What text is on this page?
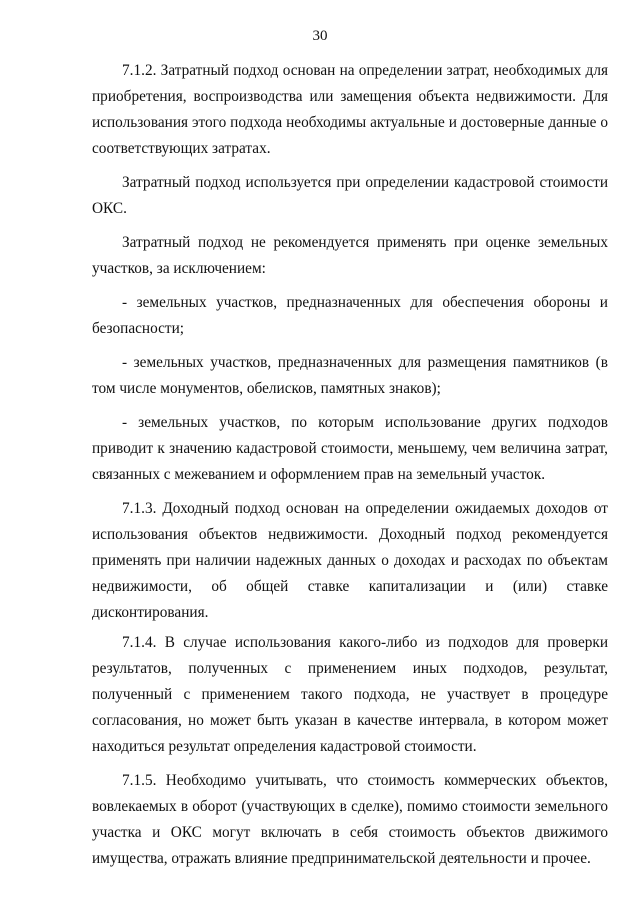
30

7.1.2. Затратный подход основан на определении затрат, необходимых для приобретения, воспроизводства или замещения объекта недвижимости. Для использования этого подхода необходимы актуальные и достоверные данные о соответствующих затратах.

Затратный подход используется при определении кадастровой стоимости ОКС.

Затратный подход не рекомендуется применять при оценке земельных участков, за исключением:

- земельных участков, предназначенных для обеспечения обороны и безопасности;

- земельных участков, предназначенных для размещения памятников (в том числе монументов, обелисков, памятных знаков);

- земельных участков, по которым использование других подходов приводит к значению кадастровой стоимости, меньшему, чем величина затрат, связанных с межеванием и оформлением прав на земельный участок.

7.1.3. Доходный подход основан на определении ожидаемых доходов от использования объектов недвижимости. Доходный подход рекомендуется применять при наличии надежных данных о доходах и расходах по объектам недвижимости, об общей ставке капитализации и (или) ставке
дисконтирования.

7.1.4. В случае использования какого-либо из подходов для проверки результатов, полученных с применением иных подходов, результат, полученный с применением такого подхода, не участвует в процедуре согласования, но может быть указан в качестве интервала, в котором может находиться результат определения кадастровой стоимости.

7.1.5. Необходимо учитывать, что стоимость коммерческих объектов, вовлекаемых в оборот (участвующих в сделке), помимо стоимости земельного участка и ОКС могут включать в себя стоимость объектов движимого имущества, отражать влияние предпринимательской деятельности и прочее.
